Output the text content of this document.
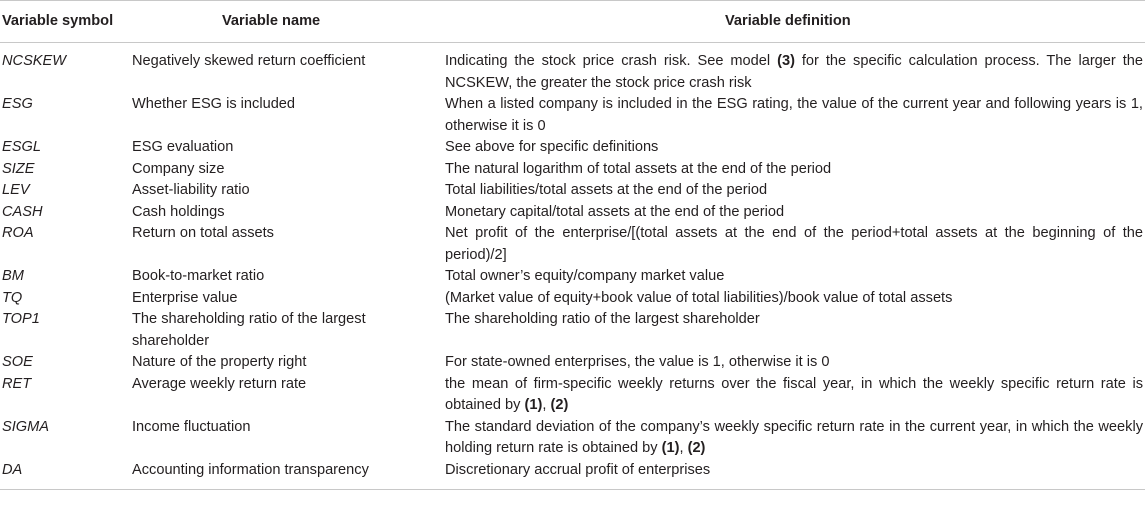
Variable symbol	Variable name	Variable definition
NCSKEW	Negatively skewed return coefficient	Indicating the stock price crash risk. See model (3) for the specific calculation process. The larger the NCSKEW, the greater the stock price crash risk
ESG	Whether ESG is included	When a listed company is included in the ESG rating, the value of the current year and following years is 1, otherwise it is 0
ESGL	ESG evaluation	See above for specific definitions
SIZE	Company size	The natural logarithm of total assets at the end of the period
LEV	Asset-liability ratio	Total liabilities/total assets at the end of the period
CASH	Cash holdings	Monetary capital/total assets at the end of the period
ROA	Return on total assets	Net profit of the enterprise/[(total assets at the end of the period+total assets at the beginning of the period)/2]
BM	Book-to-market ratio	Total owner’s equity/company market value
TQ	Enterprise value	(Market value of equity+book value of total liabilities)/book value of total assets
TOP1	The shareholding ratio of the largest shareholder	The shareholding ratio of the largest shareholder
SOE	Nature of the property right	For state-owned enterprises, the value is 1, otherwise it is 0
RET	Average weekly return rate	the mean of firm-specific weekly returns over the fiscal year, in which the weekly specific return rate is obtained by (1), (2)
SIGMA	Income fluctuation	The standard deviation of the company’s weekly specific return rate in the current year, in which the weekly holding return rate is obtained by (1), (2)
DA	Accounting information transparency	Discretionary accrual profit of enterprises
